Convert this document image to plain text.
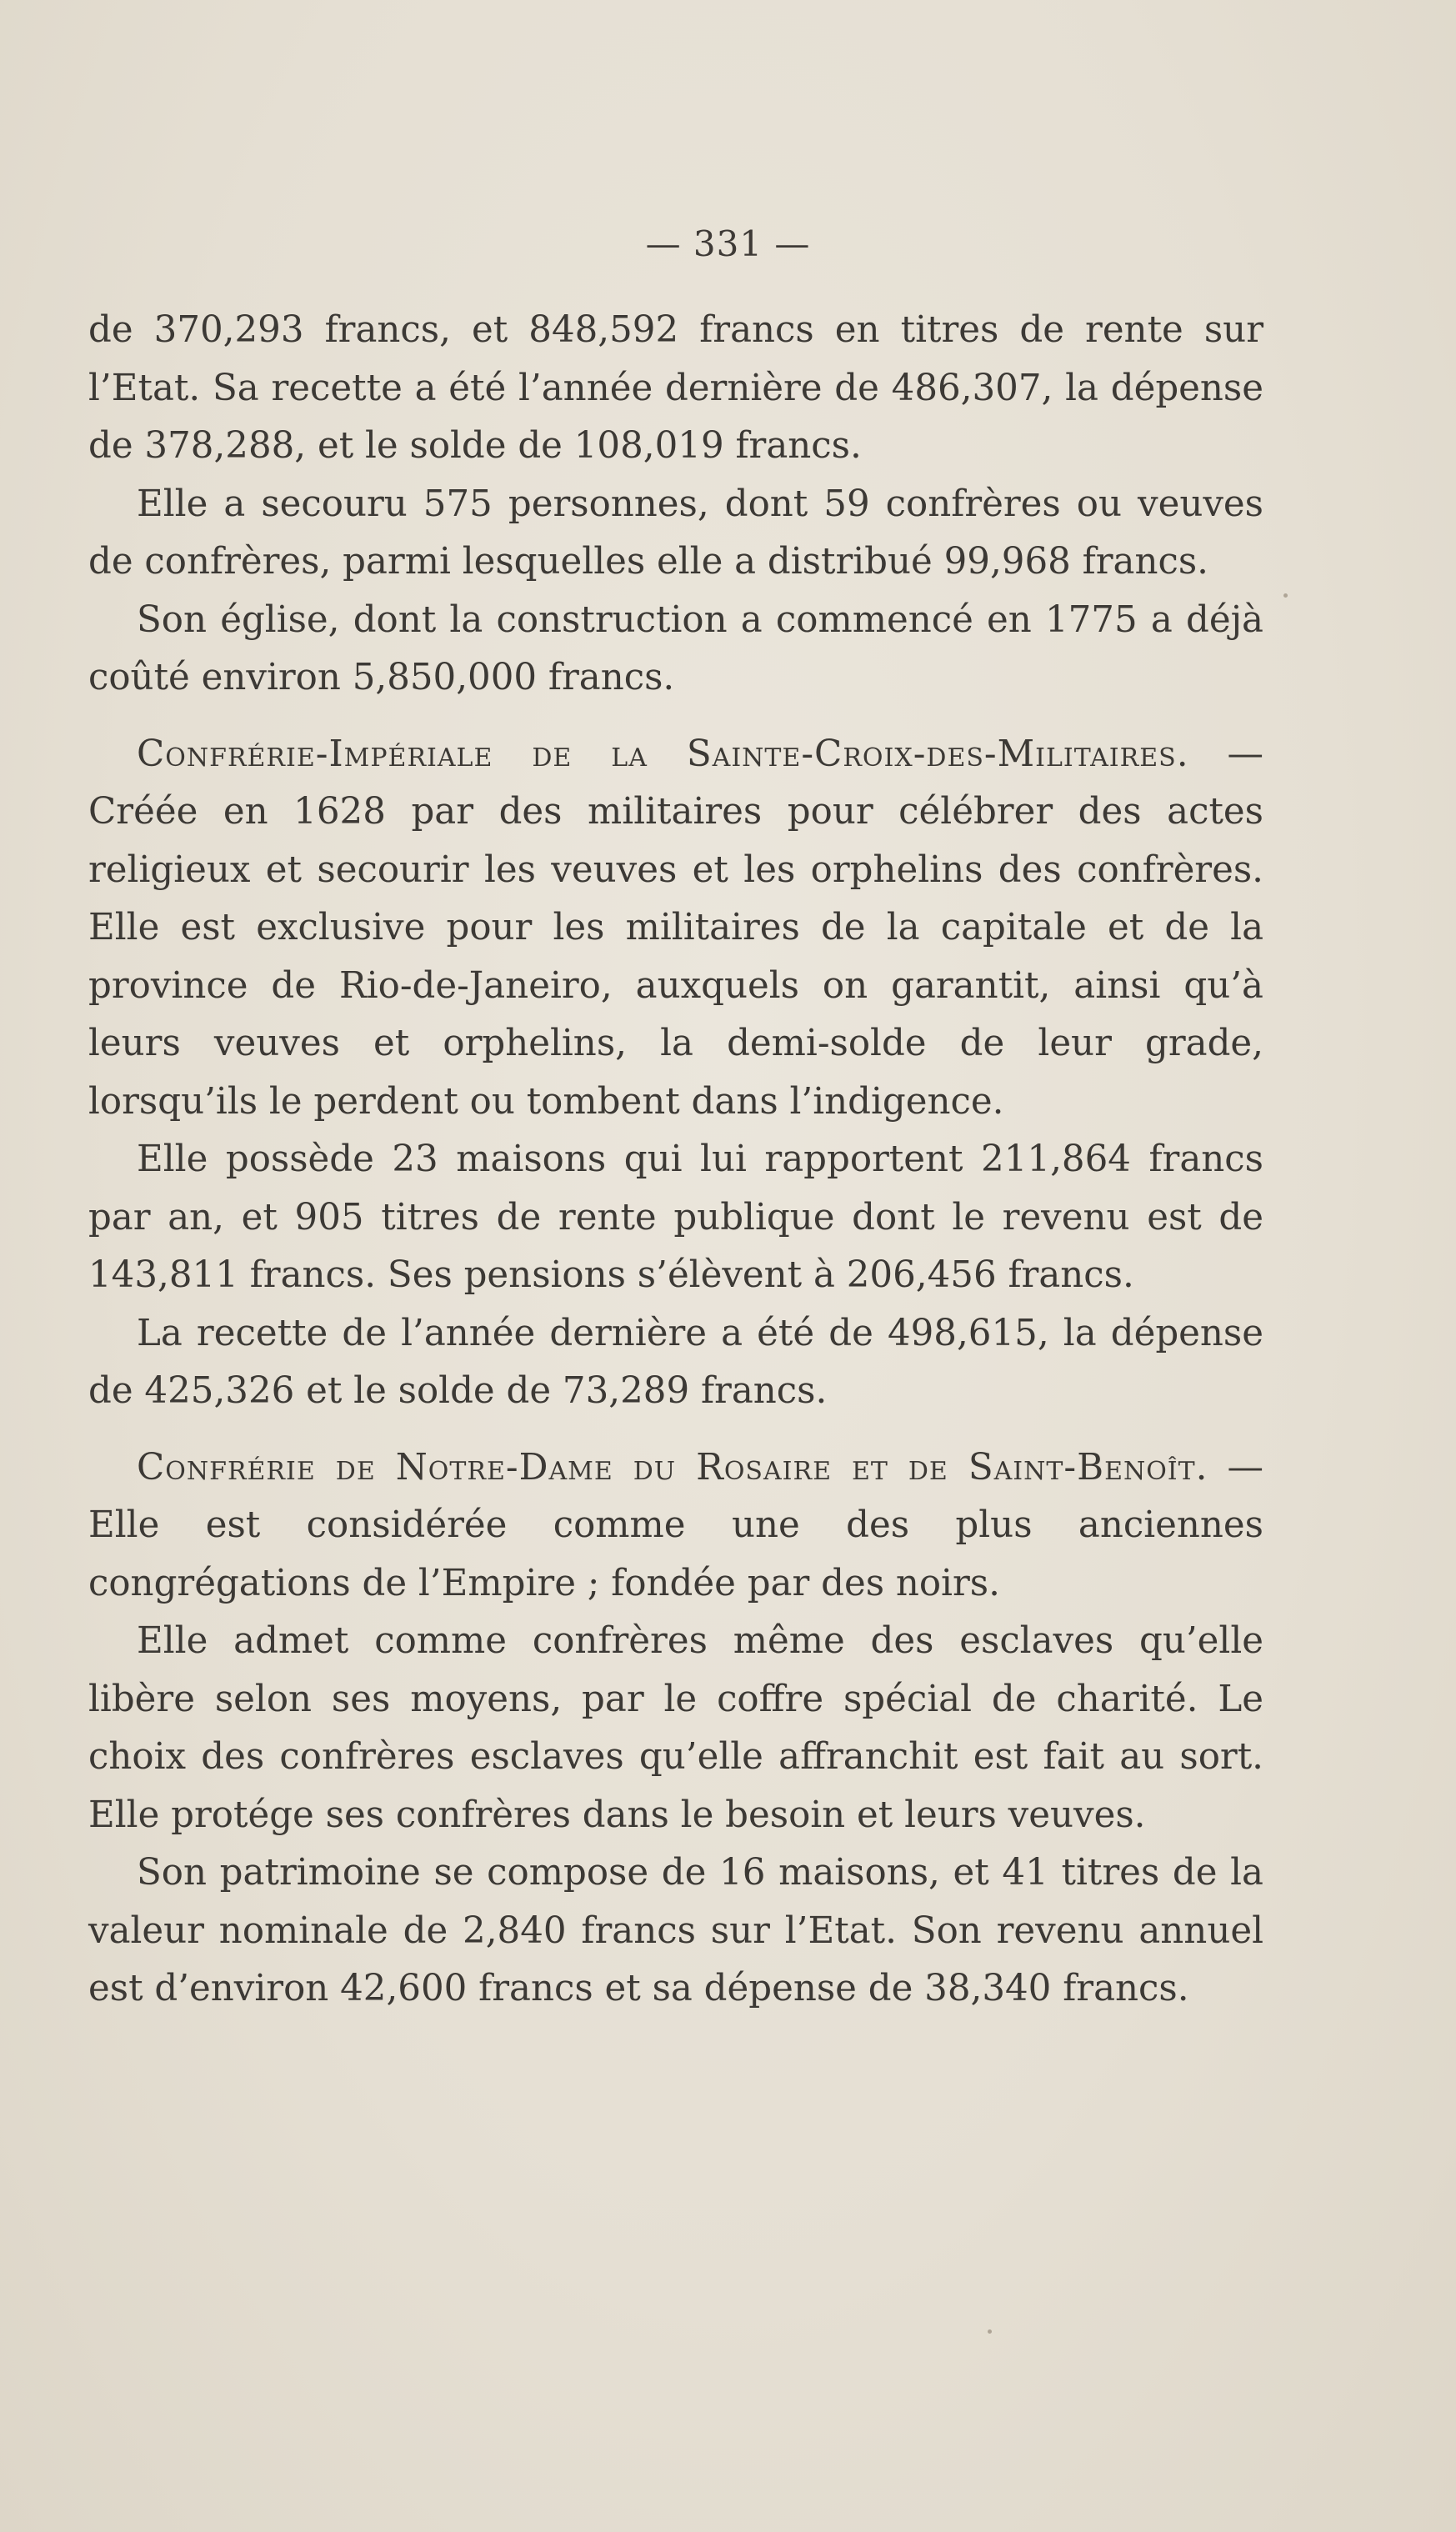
— 331 —

de 370,293 francs, et 848,592 francs en titres de rente sur l’Etat. Sa recette a été l’année dernière de 486,307, la dépense de 378,288, et le solde de 108,019 francs.

Elle a secouru 575 personnes, dont 59 confrères ou veuves de confrères, parmi lesquelles elle a distribué 99,968 francs.

Son église, dont la construction a commencé en 1775 a déjà coûté environ 5,850,000 francs.

Confrérie-Impériale de la Sainte-Croix-des-Militaires. — Créée en 1628 par des militaires pour célébrer des actes religieux et secourir les veuves et les orphelins des confrères. Elle est exclusive pour les militaires de la capitale et de la province de Rio-de-Janeiro, auxquels on garantit, ainsi qu’à leurs veuves et orphelins, la demi-solde de leur grade, lorsqu’ils le perdent ou tombent dans l’indigence.

Elle possède 23 maisons qui lui rapportent 211,864 francs par an, et 905 titres de rente publique dont le revenu est de 143,811 francs. Ses pensions s’élèvent à 206,456 francs.

La recette de l’année dernière a été de 498,615, la dépense de 425,326 et le solde de 73,289 francs.

Confrérie de Notre-Dame du Rosaire et de Saint-Benoît. — Elle est considérée comme une des plus anciennes congrégations de l’Empire ; fondée par des noirs.

Elle admet comme confrères même des esclaves qu’elle libère selon ses moyens, par le coffre spécial de charité. Le choix des confrères esclaves qu’elle affranchit est fait au sort. Elle protége ses confrères dans le besoin et leurs veuves.

Son patrimoine se compose de 16 maisons, et 41 titres de la valeur nominale de 2,840 francs sur l’Etat. Son revenu annuel est d’environ 42,600 francs et sa dépense de 38,340 francs.
